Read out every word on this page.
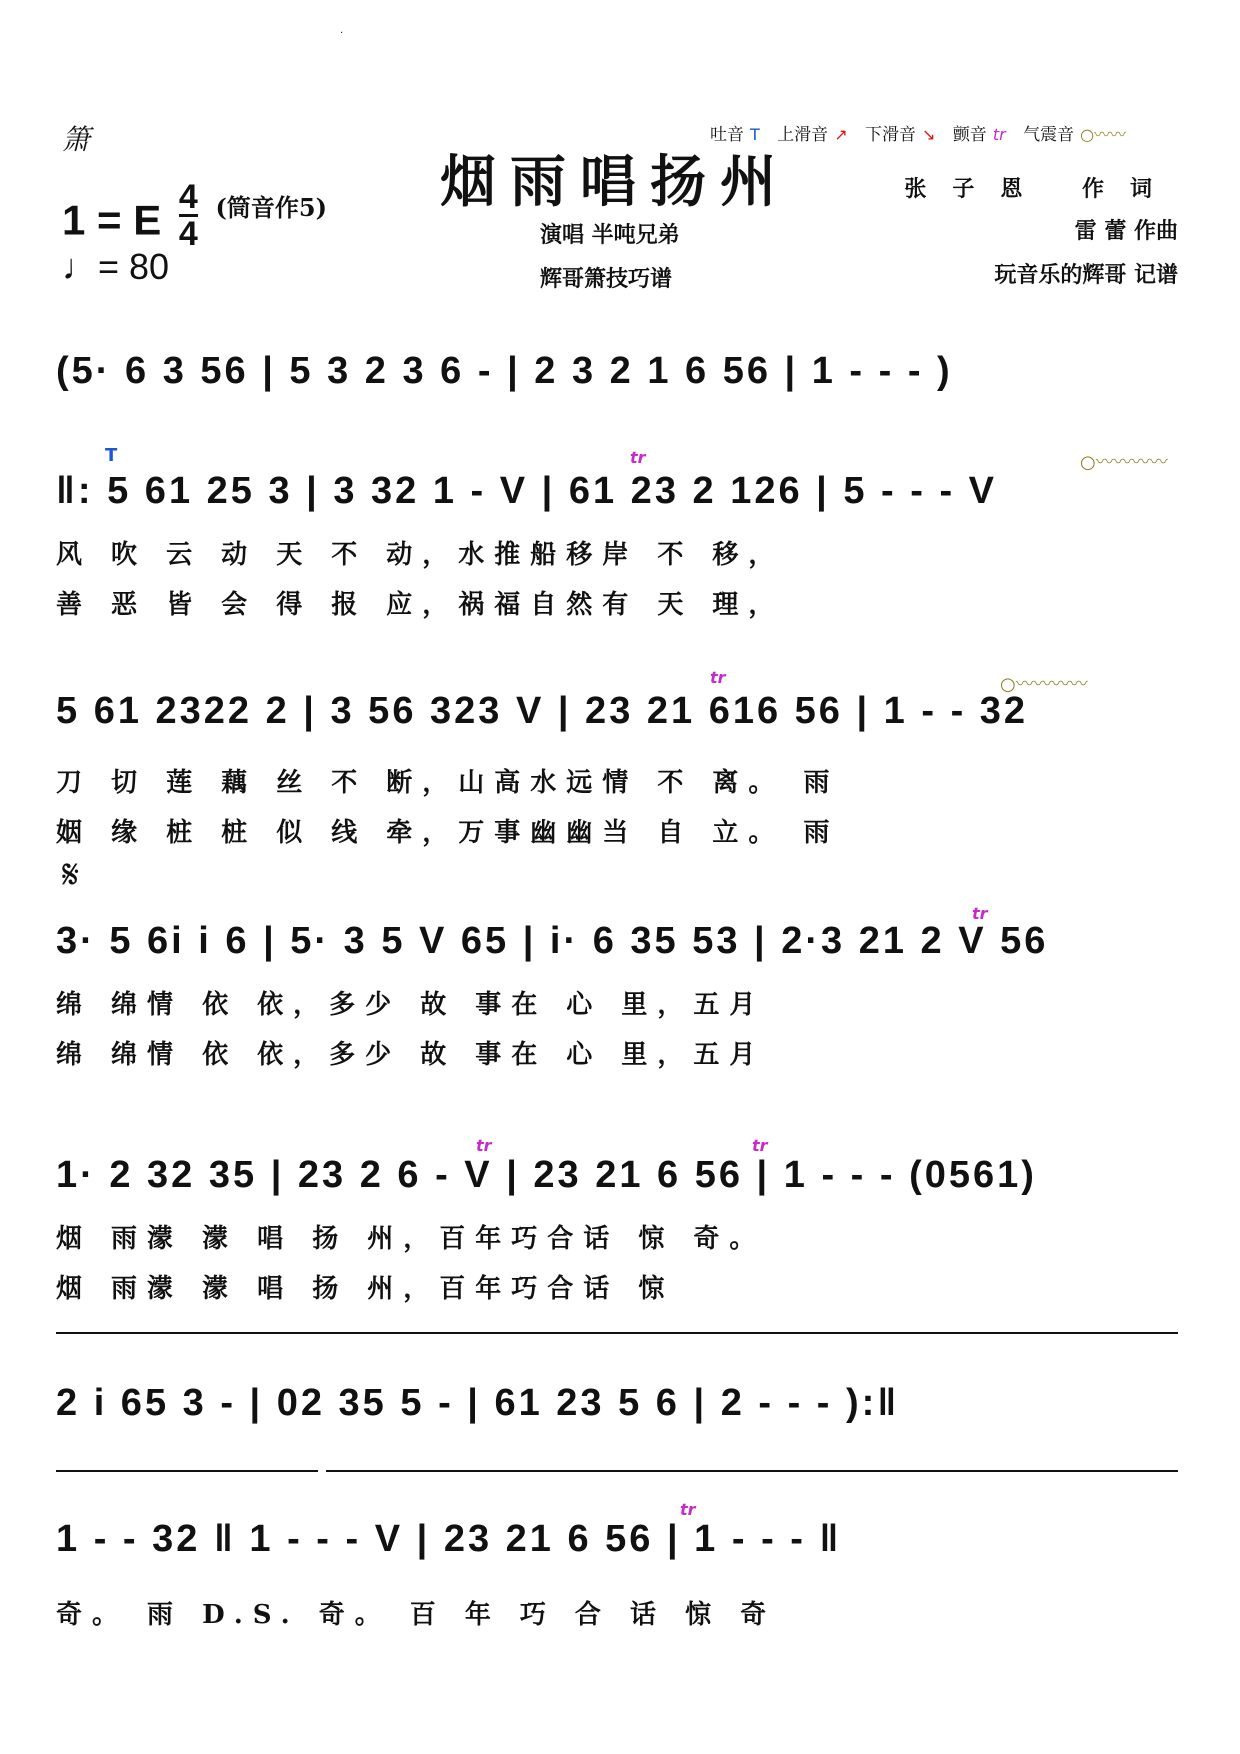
·
箫	吐音 T 上滑音 ↗ 下滑音 ↘ 颤音 tr 气震音 ○〰〰
烟雨唱扬州
1 = E $\frac{4}{4} ^{(筒音作5)}$
♩= 80
演唱 半吨兄弟
辉哥箫技巧谱
张子恩 作词
雷 蕾 作曲
玩音乐的辉哥 记谱
(5· 6 3 56 | 5 3 2 3 6 - | 2 3 2 1 6 56 | 1 - - - )
T	tr	○〰〰〰〰
‖: 5 61 25 3 | 3 32 1 - V | 61 23 2 126 | 5 - - - V
风 吹 云 动 天 不 动，水推船移岸 不 移，
善 恶 皆 会 得 报 应，祸福自然有 天 理，
tr	○〰〰〰〰
5 61 2322 2 | 3 56 323 V | 23 21 616 56 | 1 - - 32
刀 切 莲 藕 丝 不 断，山高水远情 不 离。 雨
姻 缘 桩 桩 似 线 牵，万事幽幽当 自 立。 雨
𝄋
tr
3· 5 6i i 6 | 5· 3 5 V 65 | i· 6 35 53 | 2·3 21 2 V 56
绵 绵情 依 依，多少 故 事在 心 里，五月
绵 绵情 依 依，多少 故 事在 心 里，五月
tr	tr
1· 2 32 35 | 23 2 6 - V | 23 21 6 56 | 1 - - - (0561)
烟 雨濛 濛 唱 扬 州，百年巧合话 惊 奇。
烟 雨濛 濛 唱 扬 州，百年巧合话 惊
2 i 65 3 - | 02 35 5 - | 61 23 5 6 | 2 - - - ):‖
tr
1 - - 32 ‖ 1 - - - V | 23 21 6 56 | 1 - - - ‖
奇。 雨 D.S. 奇。 百 年 巧 合 话 惊 奇
